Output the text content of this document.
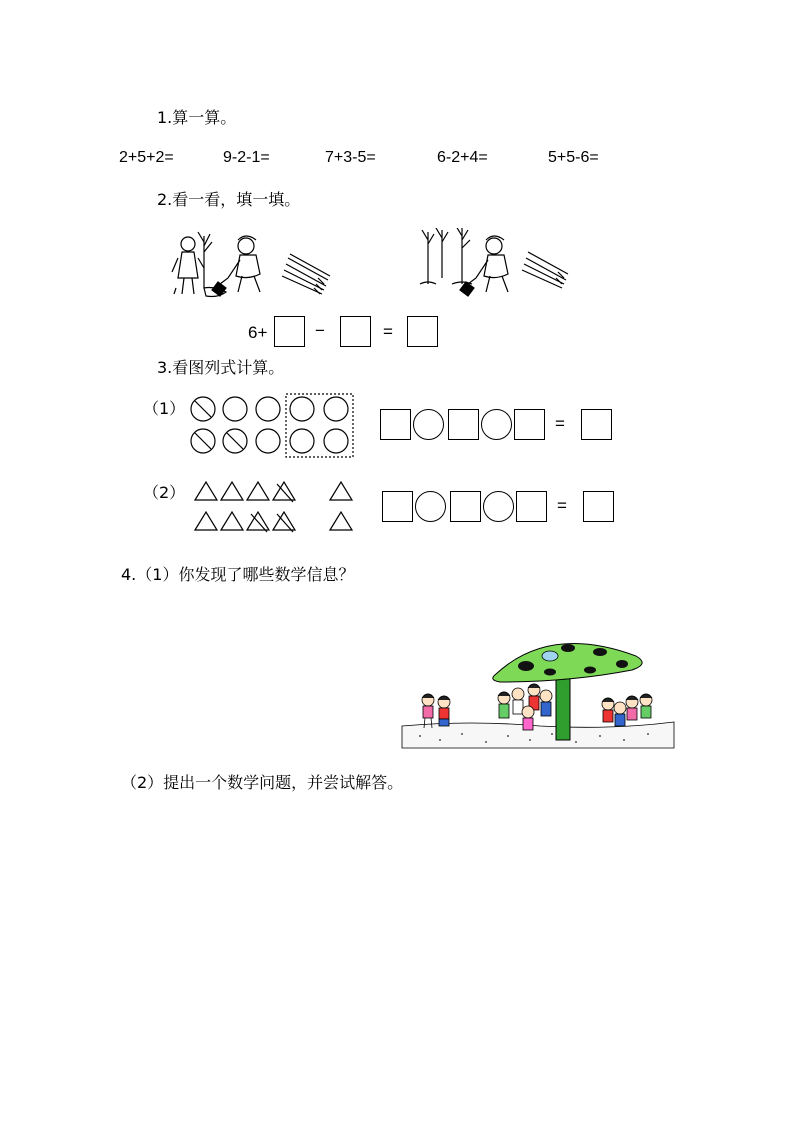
1.算一算。
2+5+2=	9-2-1=	7+3-5=	6-2+4=	5+5-6=
2.看一看，填一填。
6+	−	=
3.看图列式计算。
（1）
=
（2）
=
4.（1）你发现了哪些数学信息？
（2）提出一个数学问题，并尝试解答。
